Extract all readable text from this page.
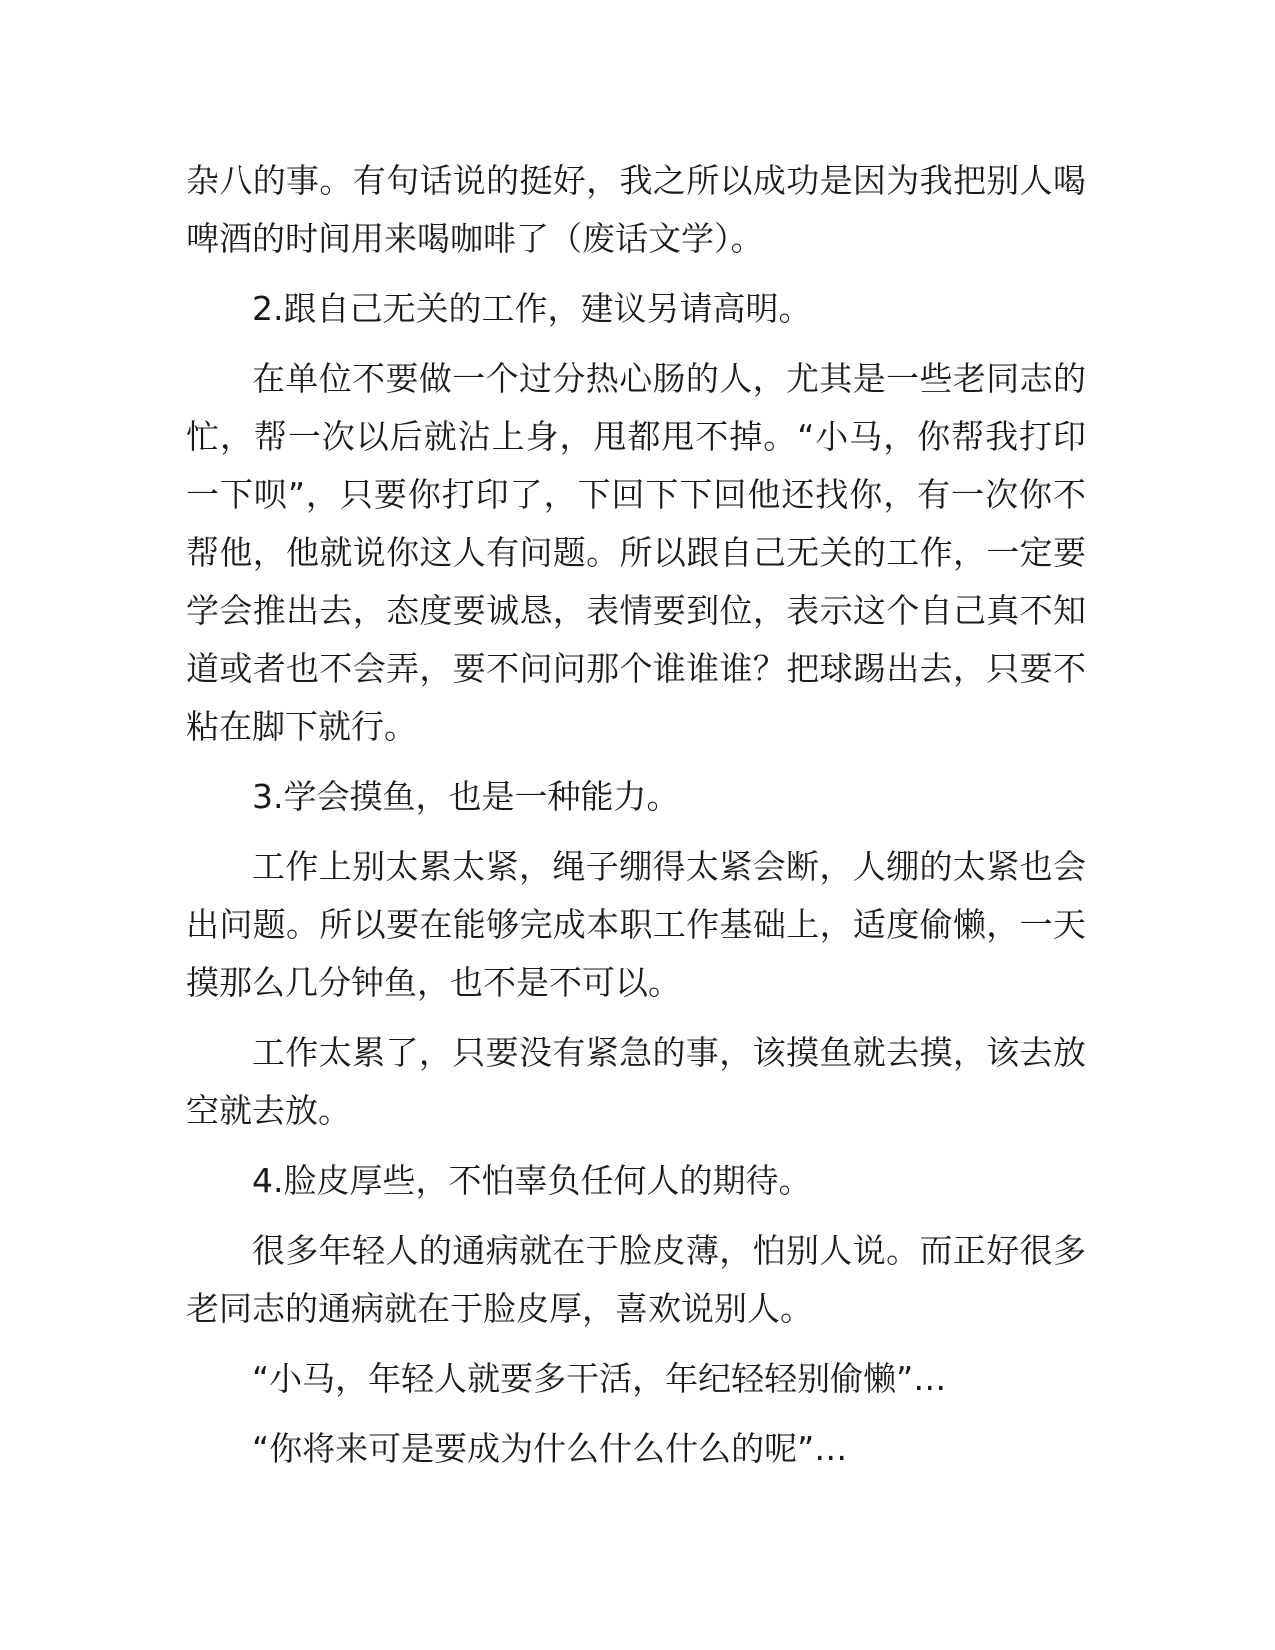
杂八的事。有句话说的挺好，我之所以成功是因为我把别人喝啤酒的时间用来喝咖啡了（废话文学）。

2.跟自己无关的工作，建议另请高明。

在单位不要做一个过分热心肠的人，尤其是一些老同志的忙，帮一次以后就沾上身，甩都甩不掉。“小马，你帮我打印一下呗”，只要你打印了，下回下下回他还找你，有一次你不帮他，他就说你这人有问题。所以跟自己无关的工作，一定要学会推出去，态度要诚恳，表情要到位，表示这个自己真不知道或者也不会弄，要不问问那个谁谁谁？把球踢出去，只要不粘在脚下就行。

3.学会摸鱼，也是一种能力。

工作上别太累太紧，绳子绷得太紧会断，人绷的太紧也会出问题。所以要在能够完成本职工作基础上，适度偷懒，一天摸那么几分钟鱼，也不是不可以。

工作太累了，只要没有紧急的事，该摸鱼就去摸，该去放空就去放。

4.脸皮厚些，不怕辜负任何人的期待。

很多年轻人的通病就在于脸皮薄，怕别人说。而正好很多老同志的通病就在于脸皮厚，喜欢说别人。

“小马，年轻人就要多干活，年纪轻轻别偷懒”…

“你将来可是要成为什么什么什么的呢”…
